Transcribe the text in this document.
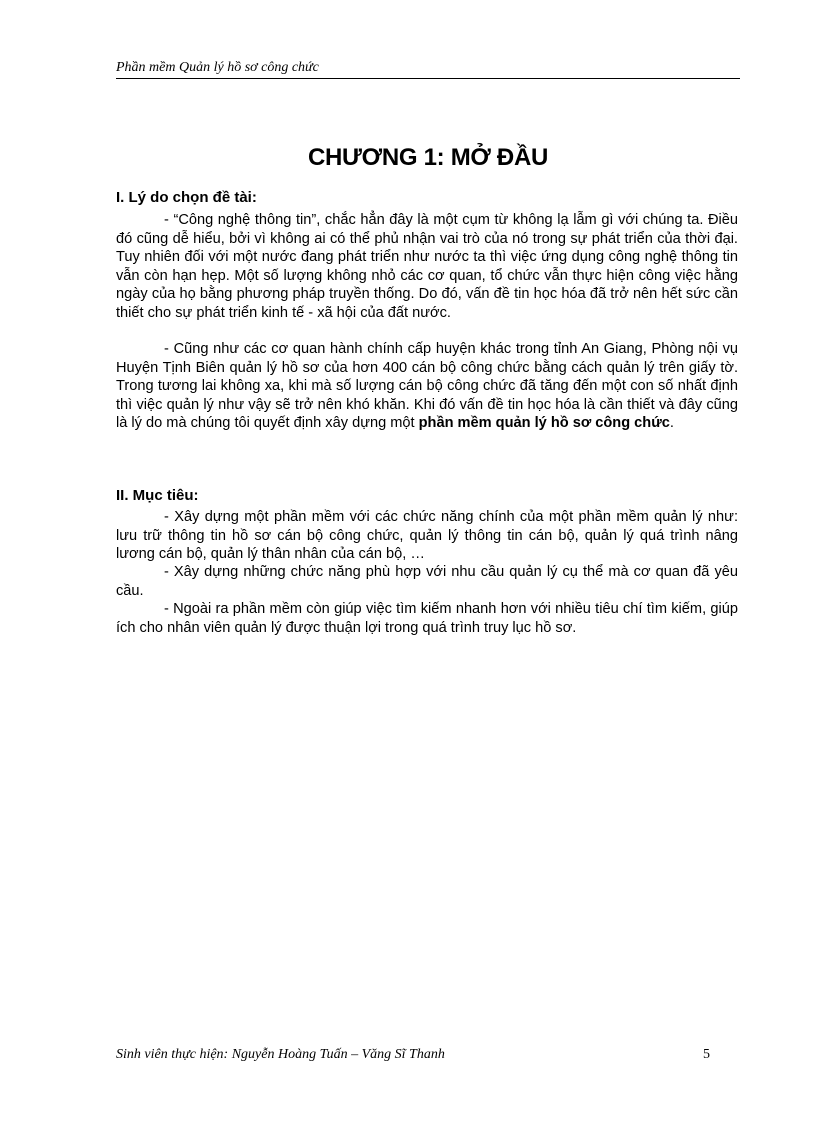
Phần mềm Quản lý hồ sơ công chức
CHƯƠNG 1: MỞ ĐẦU
I. Lý do chọn đề tài:

- “Công nghệ thông tin”, chắc hẳn đây là một cụm từ không lạ lẫm gì với chúng ta. Điều đó cũng dễ hiểu, bởi vì không ai có thể phủ nhận vai trò của nó trong sự phát triển của thời đại. Tuy nhiên đối với một nước đang phát triển như nước ta thì việc ứng dụng công nghệ thông tin vẫn còn hạn hẹp. Một số lượng không nhỏ các cơ quan, tổ chức vẫn thực hiện công việc hằng ngày của họ bằng phương pháp truyền thống. Do đó, vấn đề tin học hóa đã trở nên hết sức cần thiết cho sự phát triển kinh tế - xã hội của đất nước.

- Cũng như các cơ quan hành chính cấp huyện khác trong tỉnh An Giang, Phòng nội vụ Huyện Tịnh Biên quản lý hồ sơ của hơn 400 cán bộ công chức bằng cách quản lý trên giấy tờ. Trong tương lai không xa, khi mà số lượng cán bộ công chức đã tăng đến một con số nhất định thì việc quản lý như vậy sẽ trở nên khó khăn. Khi đó vấn đề tin học hóa là cần thiết và đây cũng là lý do mà chúng tôi quyết định xây dựng một phần mềm quản lý hồ sơ công chức.

II. Mục tiêu:

- Xây dựng một phần mềm với các chức năng chính của một phần mềm quản lý như: lưu trữ thông tin hồ sơ cán bộ công chức, quản lý thông tin cán bộ, quản lý quá trình nâng lương cán bộ, quản lý thân nhân của cán bộ, …

- Xây dựng những chức năng phù hợp với nhu cầu quản lý cụ thể mà cơ quan đã yêu cầu.

- Ngoài ra phần mềm còn giúp việc tìm kiếm nhanh hơn với nhiều tiêu chí tìm kiếm, giúp ích cho nhân viên quản lý được thuận lợi trong quá trình truy lục hồ sơ.

Sinh viên thực hiện: Nguyễn Hoàng Tuấn – Văng Sĩ Thanh	5
